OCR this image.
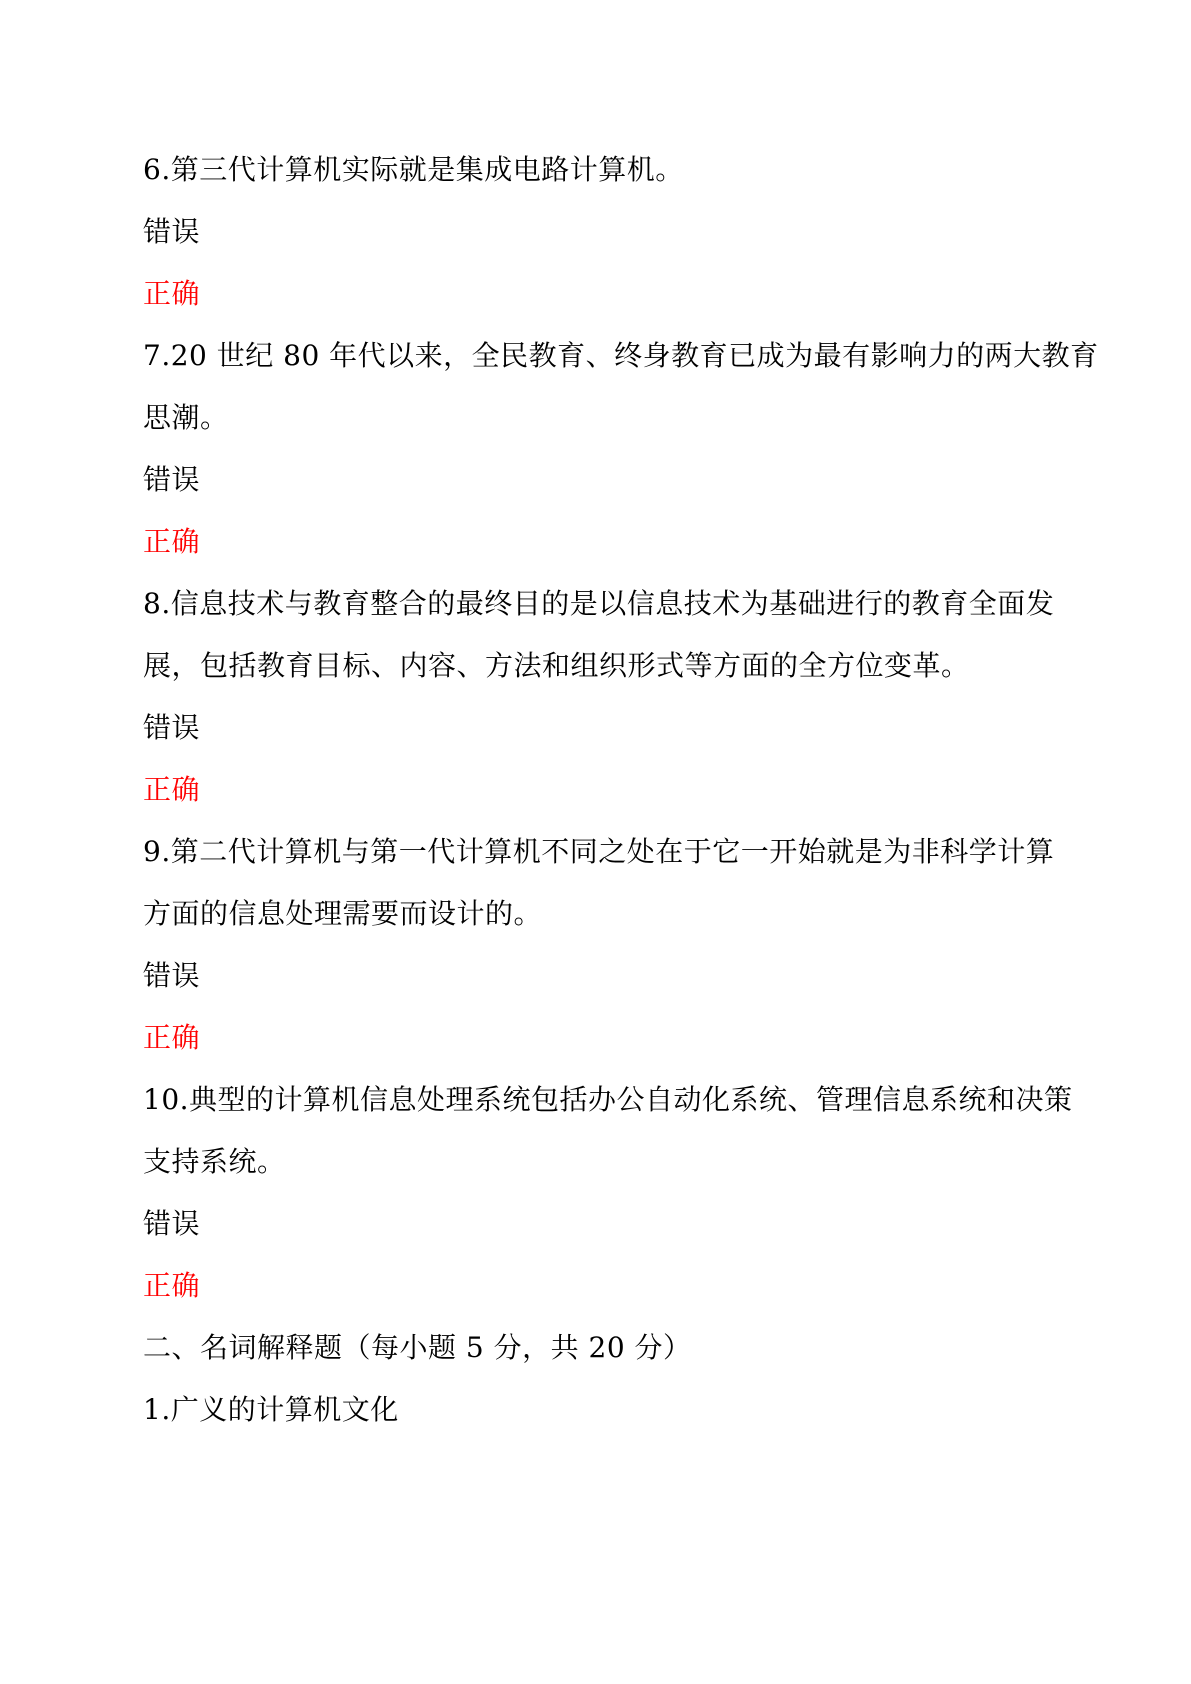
6.第三代计算机实际就是集成电路计算机。
错误
正确
7.20 世纪 80 年代以来，全民教育、终身教育已成为最有影响力的两大教育
思潮。
错误
正确
8.信息技术与教育整合的最终目的是以信息技术为基础进行的教育全面发
展，包括教育目标、内容、方法和组织形式等方面的全方位变革。
错误
正确
9.第二代计算机与第一代计算机不同之处在于它一开始就是为非科学计算
方面的信息处理需要而设计的。
错误
正确
10.典型的计算机信息处理系统包括办公自动化系统、管理信息系统和决策
支持系统。
错误
正确
二、名词解释题（每小题 5 分，共 20 分）
1.广义的计算机文化
